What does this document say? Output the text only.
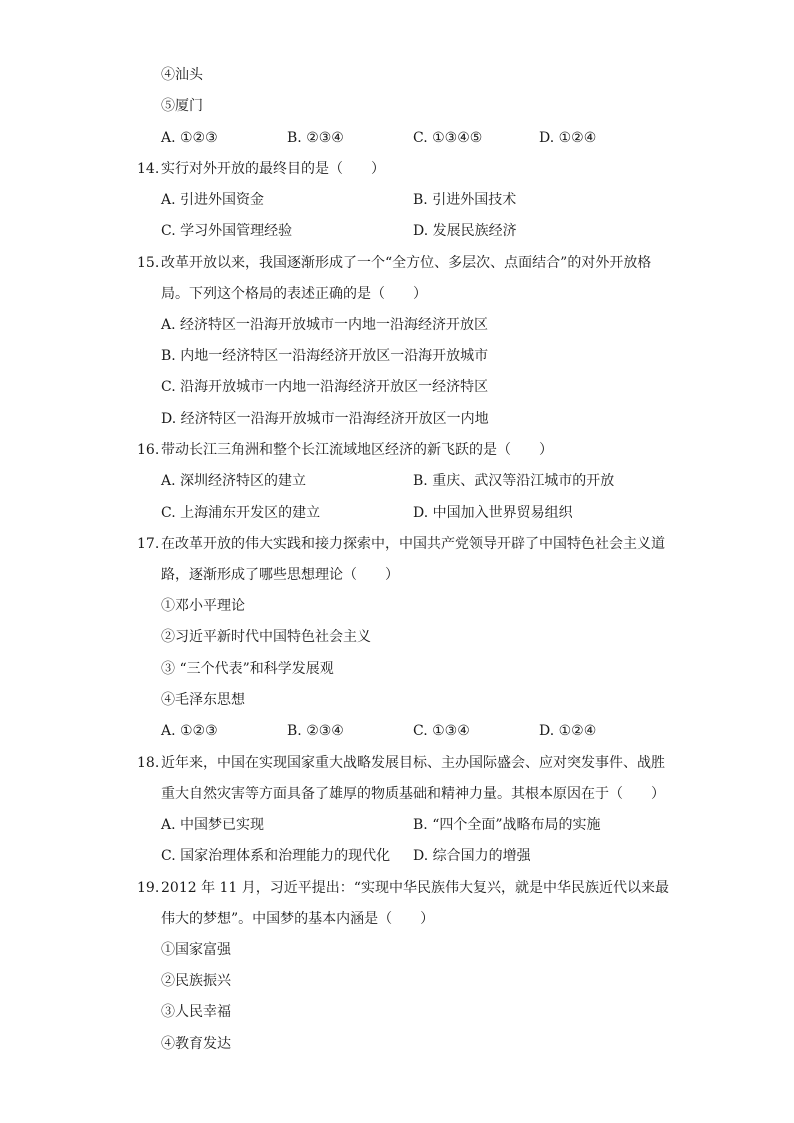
④汕头
⑤厦门
A. ①②③	B. ②③④	C. ①③④⑤	D. ①②④
14. 实行对外开放的最终目的是（　　）
A. 引进外国资金	B. 引进外国技术
C. 学习外国管理经验	D. 发展民族经济
15. 改革开放以来，我国逐渐形成了一个“全方位、多层次、点面结合”的对外开放格
局。下列这个格局的表述正确的是（　　）
A. 经济特区一沿海开放城市一内地一沿海经济开放区
B. 内地一经济特区一沿海经济开放区一沿海开放城市
C. 沿海开放城市一内地一沿海经济开放区一经济特区
D. 经济特区一沿海开放城市一沿海经济开放区一内地
16. 带动长江三角洲和整个长江流域地区经济的新飞跃的是（　　）
A. 深圳经济特区的建立	B. 重庆、武汉等沿江城市的开放
C. 上海浦东开发区的建立	D. 中国加入世界贸易组织
17. 在改革开放的伟大实践和接力探索中，中国共产党领导开辟了中国特色社会主义道
路，逐渐形成了哪些思想理论（　　）
①邓小平理论
②习近平新时代中国特色社会主义
③ “三个代表”和科学发展观
④毛泽东思想
A. ①②③	B. ②③④	C. ①③④	D. ①②④
18. 近年来，中国在实现国家重大战略发展目标、主办国际盛会、应对突发事件、战胜
重大自然灾害等方面具备了雄厚的物质基础和精神力量。其根本原因在于（　　）
A. 中国梦已实现	B. “四个全面”战略布局的实施
C. 国家治理体系和治理能力的现代化 D. 综合国力的增强
19. 2012 年 11 月，习近平提出：“实现中华民族伟大复兴，就是中华民族近代以来最
伟大的梦想”。中国梦的基本内涵是（　　）
①国家富强
②民族振兴
③人民幸福
④教育发达
